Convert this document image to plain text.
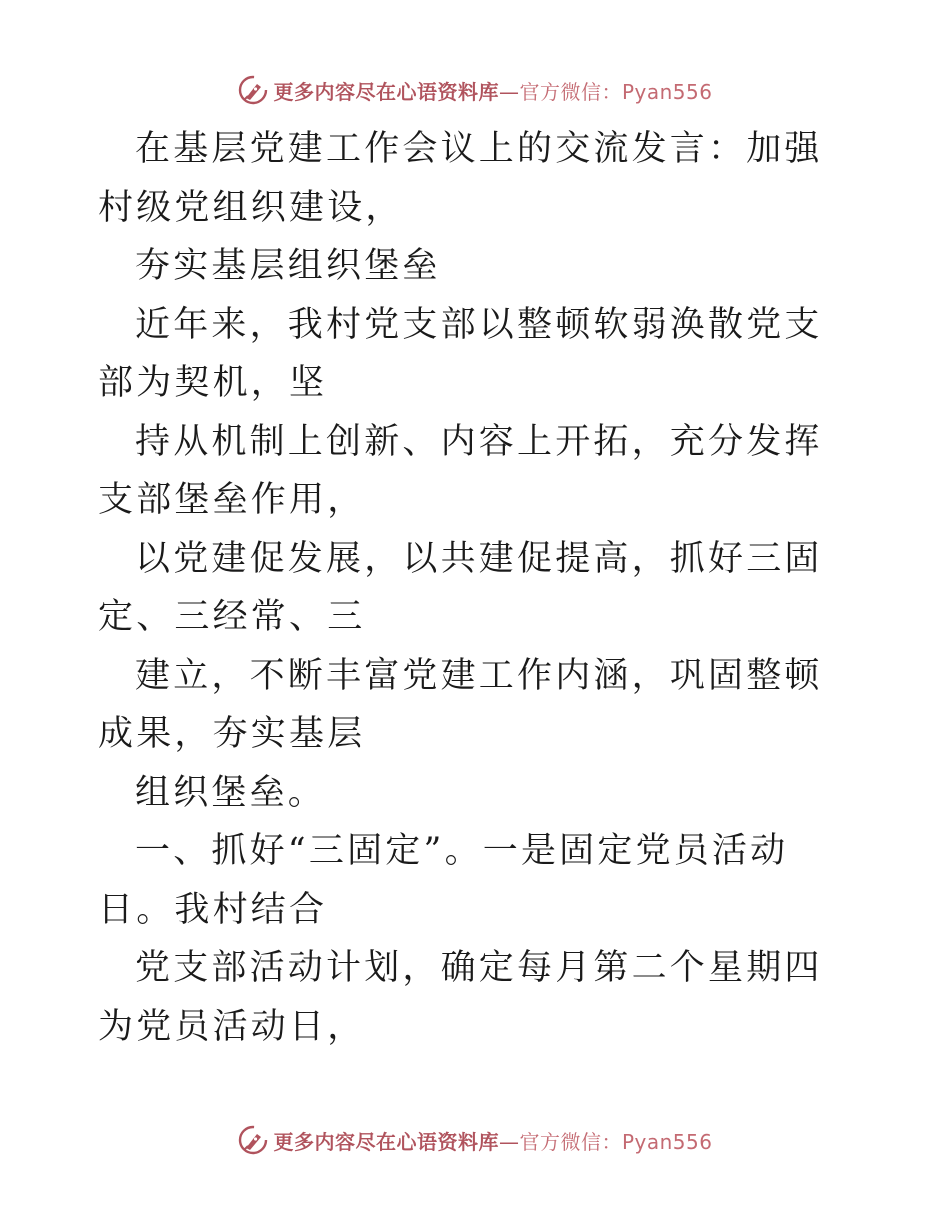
更多内容尽在心语资料库—官方微信：Pyan556

在基层党建工作会议上的交流发言：加强村级党组织建设，

夯实基层组织堡垒

近年来，我村党支部以整顿软弱涣散党支部为契机，坚

持从机制上创新、内容上开拓，充分发挥支部堡垒作用，

以党建促发展，以共建促提高，抓好三固定、三经常、三

建立，不断丰富党建工作内涵，巩固整顿成果，夯实基层

组织堡垒。

一、抓好“三固定”。一是固定党员活动日。我村结合

党支部活动计划，确定每月第二个星期四为党员活动日，

更多内容尽在心语资料库—官方微信：Pyan556
